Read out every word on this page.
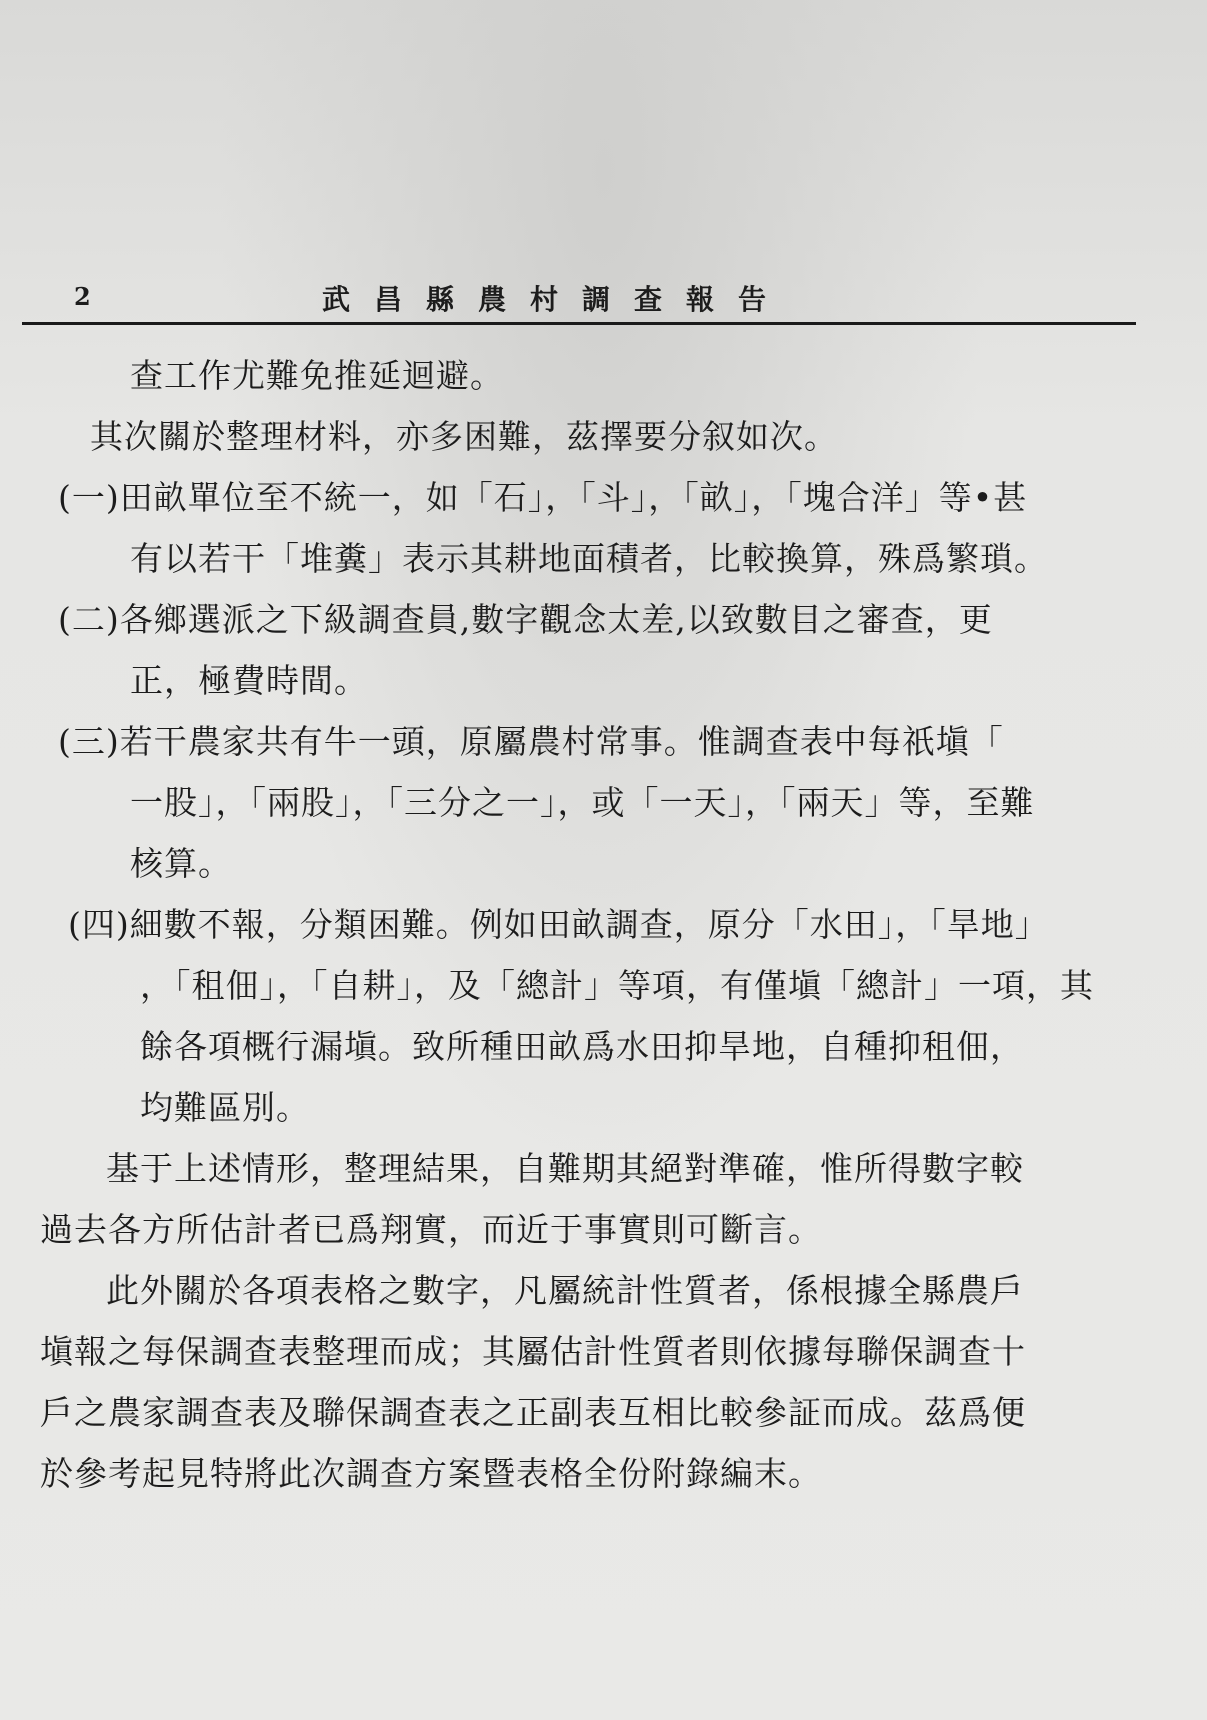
2	武昌縣農村調查報告
查工作尤難免推延迴避。
其次關於整理材料，亦多困難，茲擇要分叙如次。
(一)田畝單位至不統一，如「石」，「斗」，「畝」，「塊合洋」等•甚
有以若干「堆糞」表示其耕地面積者，比較換算，殊爲繁瑣。
(二)各鄉選派之下級調查員,數字觀念太差,以致數目之審查，更
正，極費時間。
(三)若干農家共有牛一頭，原屬農村常事。惟調查表中每祇塡「
一股」，「兩股」，「三分之一」，或「一天」，「兩天」等，至難
核算。
(四)細數不報，分類困難。例如田畝調查，原分「水田」，「旱地」
，「租佃」，「自耕」，及「總計」等項，有僅塡「總計」一項，其
餘各項概行漏塡。致所種田畝爲水田抑旱地，自種抑租佃，
均難區別。
基于上述情形，整理結果，自難期其絕對準確，惟所得數字較
過去各方所估計者已爲翔實，而近于事實則可斷言。
此外關於各項表格之數字，凡屬統計性質者，係根據全縣農戶
塡報之每保調查表整理而成；其屬估計性質者則依據每聯保調查十
戶之農家調查表及聯保調查表之正副表互相比較參証而成。茲爲便
於參考起見特將此次調查方案暨表格全份附錄編末。
